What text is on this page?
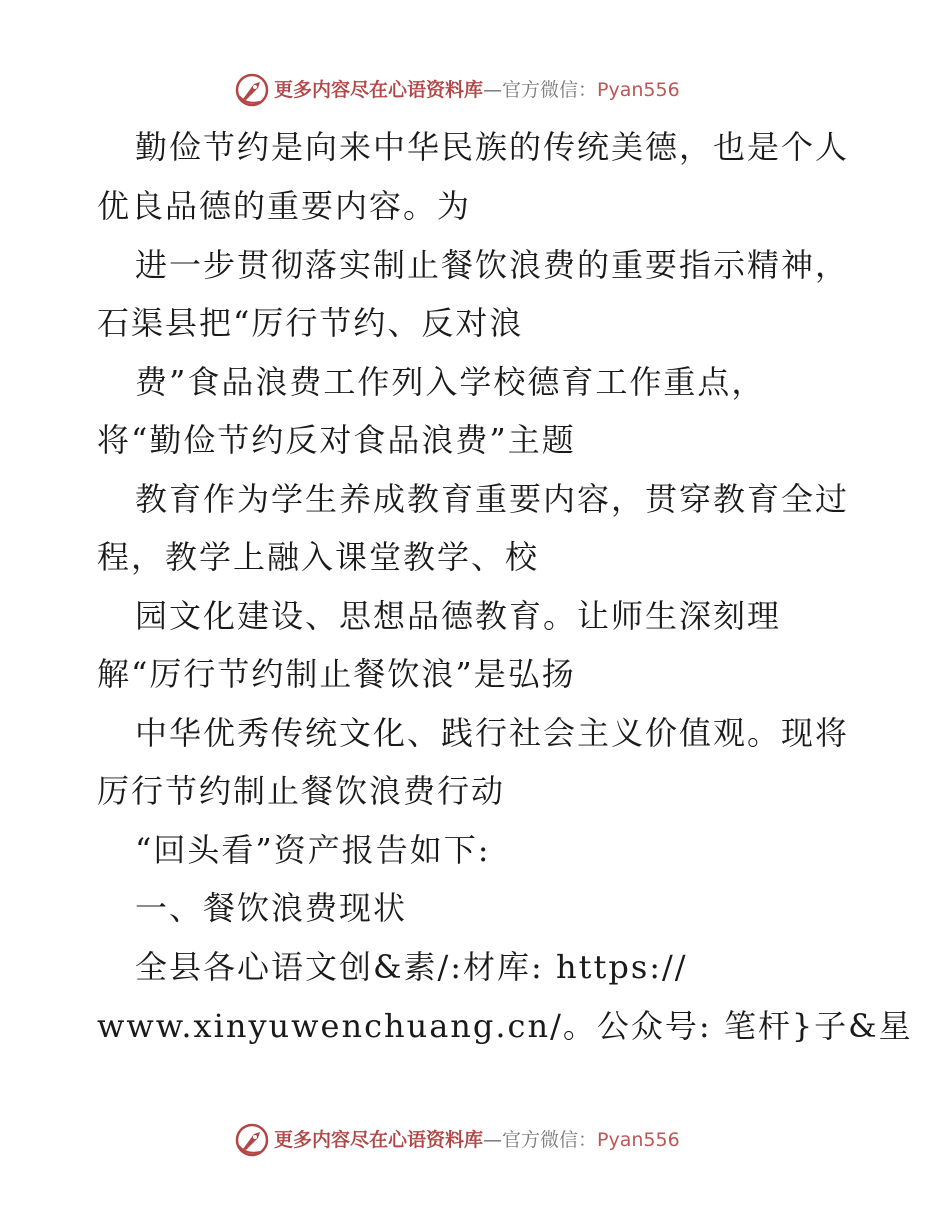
更多内容尽在心语资料库—官方微信：Pyan556
勤俭节约是向来中华民族的传统美德，也是个人
优良品德的重要内容。为
进一步贯彻落实制止餐饮浪费的重要指示精神，
石渠县把“厉行节约、反对浪
费”食品浪费工作列入学校德育工作重点，
将“勤俭节约反对食品浪费”主题
教育作为学生养成教育重要内容，贯穿教育全过
程，教学上融入课堂教学、校
园文化建设、思想品德教育。让师生深刻理
解“厉行节约制止餐饮浪”是弘扬
中华优秀传统文化、践行社会主义价值观。现将
厉行节约制止餐饮浪费行动
“回头看”资产报告如下:
一、餐饮浪费现状
全县各心语文创&素/:材库: https://
www.xinyuwenchuang.cn/。公众号: 笔杆}子&星
更多内容尽在心语资料库—官方微信：Pyan556
